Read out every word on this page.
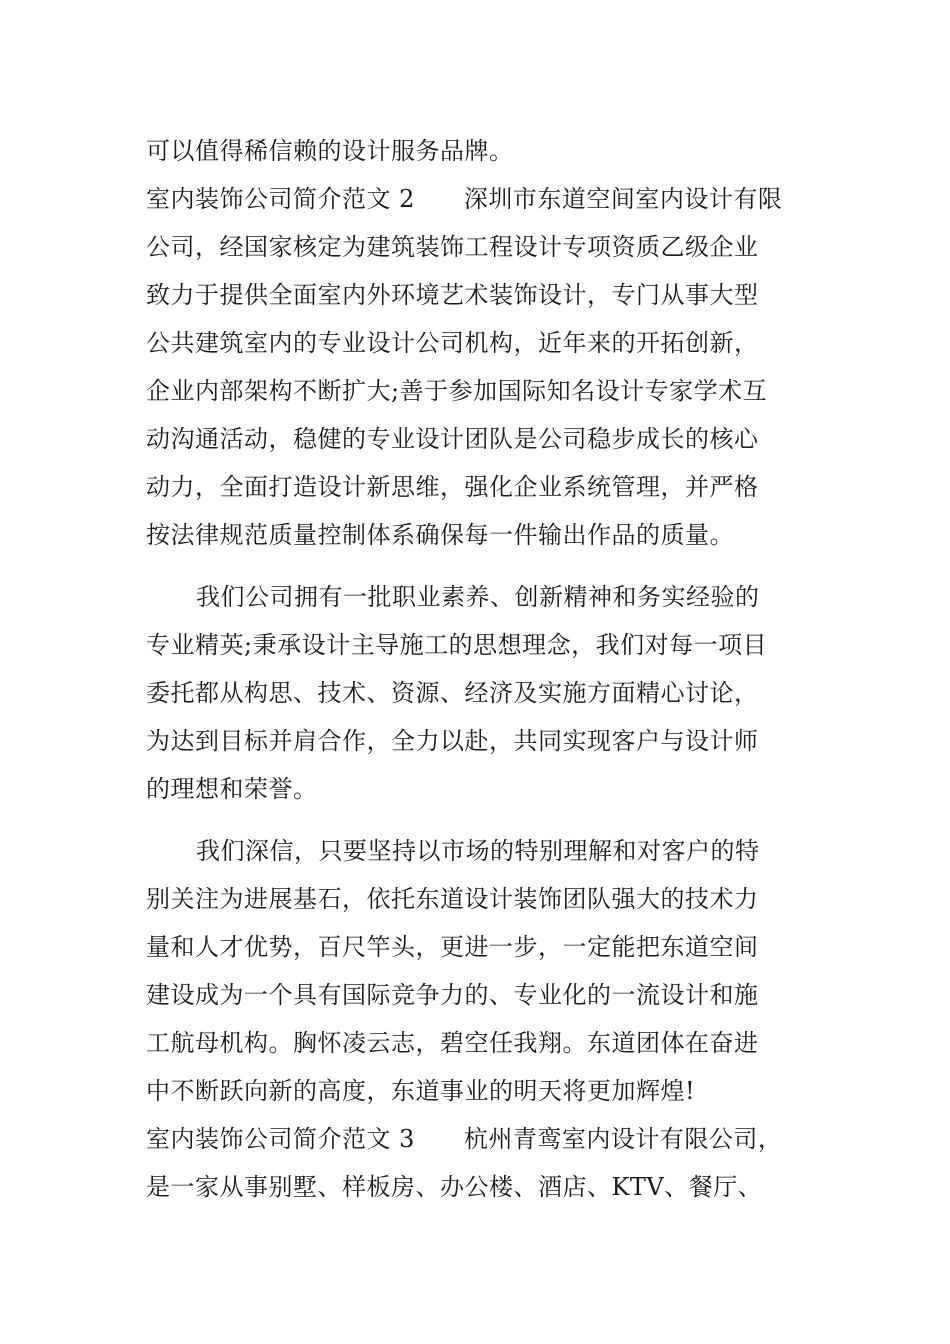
可以值得稀信赖的设计服务品牌。
室内装饰公司简介范文 2　　深圳市东道空间室内设计有限
公司，经国家核定为建筑装饰工程设计专项资质乙级企业
致力于提供全面室内外环境艺术装饰设计，专门从事大型
公共建筑室内的专业设计公司机构，近年来的开拓创新，
企业内部架构不断扩大;善于参加国际知名设计专家学术互
动沟通活动，稳健的专业设计团队是公司稳步成长的核心
动力，全面打造设计新思维，强化企业系统管理，并严格
按法律规范质量控制体系确保每一件输出作品的质量。
我们公司拥有一批职业素养、创新精神和务实经验的
专业精英;秉承设计主导施工的思想理念，我们对每一项目
委托都从构思、技术、资源、经济及实施方面精心讨论，
为达到目标并肩合作，全力以赴，共同实现客户与设计师
的理想和荣誉。
我们深信，只要坚持以市场的特别理解和对客户的特
别关注为进展基石，依托东道设计装饰团队强大的技术力
量和人才优势，百尺竿头，更进一步，一定能把东道空间
建设成为一个具有国际竞争力的、专业化的一流设计和施
工航母机构。胸怀凌云志，碧空任我翔。东道团体在奋进
中不断跃向新的高度，东道事业的明天将更加辉煌!
室内装饰公司简介范文 3　　杭州青鸾室内设计有限公司，
是一家从事别墅、样板房、办公楼、酒店、KTV、餐厅、
